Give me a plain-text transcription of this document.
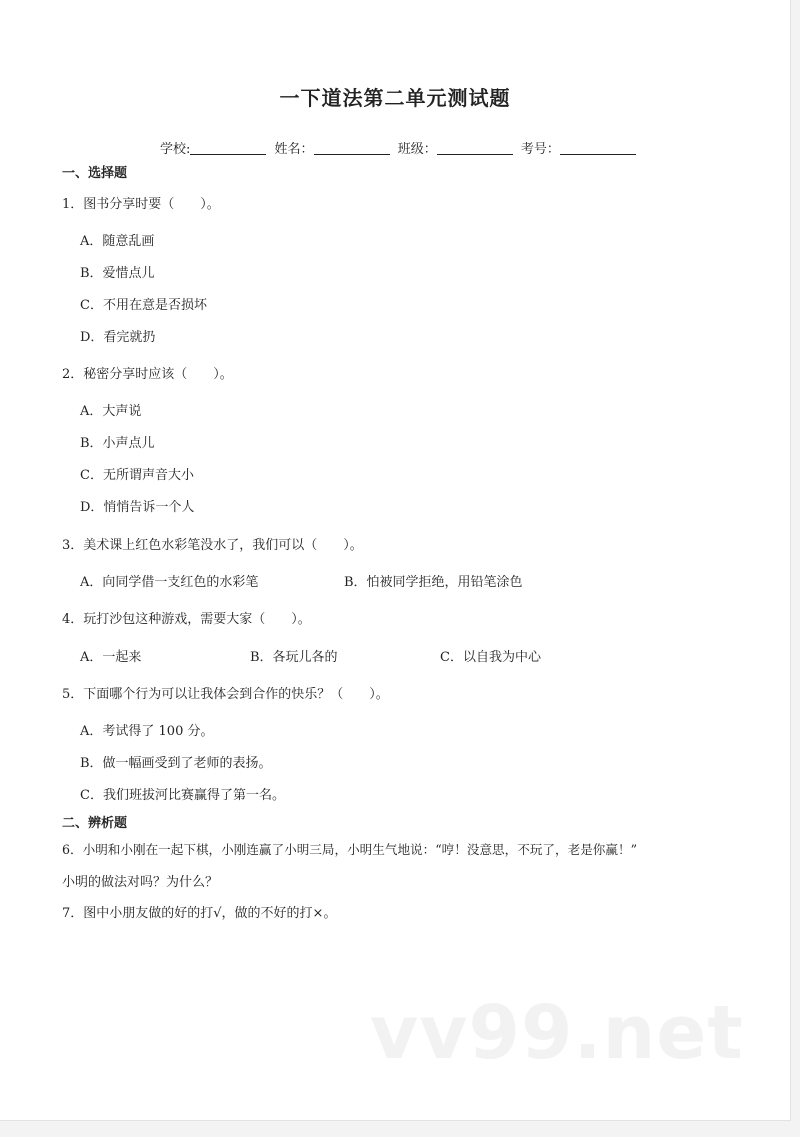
一下道法第二单元测试题
学校:	姓名：	班级：	考号：
一、选择题
1．图书分享时要（　　）。
A．随意乱画
B．爱惜点儿
C．不用在意是否损坏
D．看完就扔
2．秘密分享时应该（　　）。
A．大声说
B．小声点儿
C．无所谓声音大小
D．悄悄告诉一个人
3．美术课上红色水彩笔没水了，我们可以（　　）。
A．向同学借一支红色的水彩笔	B．怕被同学拒绝，用铅笔涂色
4．玩打沙包这种游戏，需要大家（　　）。
A．一起来	B．各玩儿各的	C．以自我为中心
5．下面哪个行为可以让我体会到合作的快乐？（　　）。
A．考试得了 100 分。
B．做一幅画受到了老师的表扬。
C．我们班拔河比赛赢得了第一名。
二、辨析题
6．小明和小刚在一起下棋，小刚连赢了小明三局，小明生气地说：“哼！没意思，不玩了，老是你赢！”
小明的做法对吗？为什么？
7．图中小朋友做的好的打√，做的不好的打×。
vv99.net
